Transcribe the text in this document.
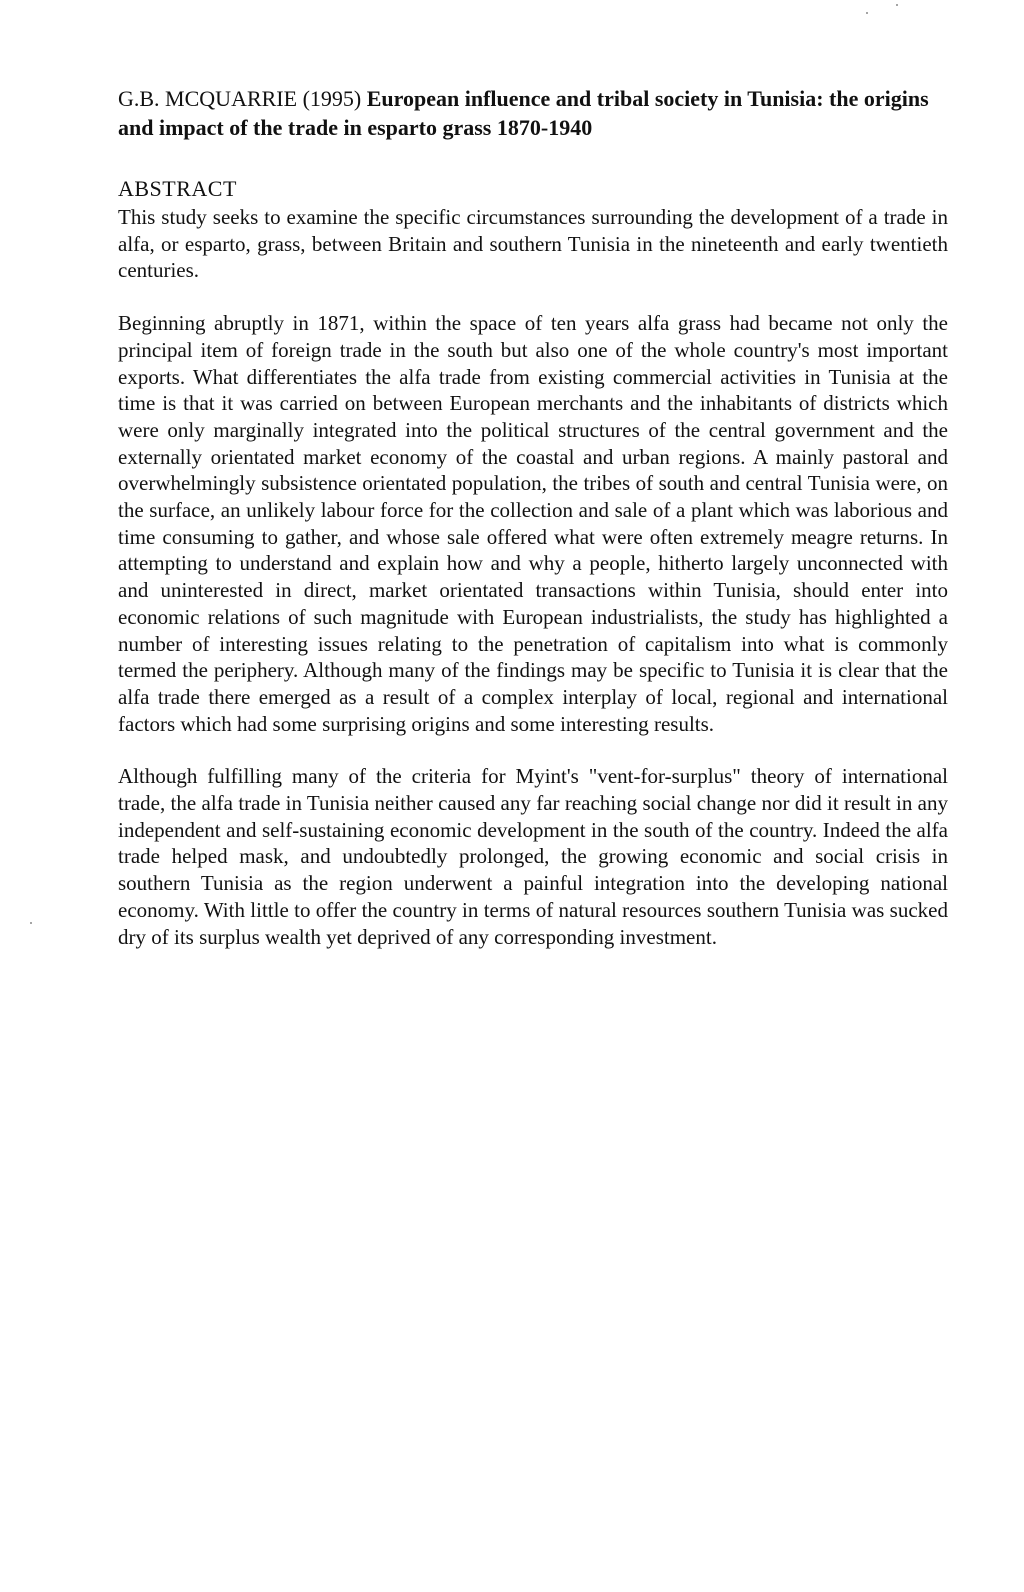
G.B. MCQUARRIE (1995) European influence and tribal society in Tunisia: the origins and impact of the trade in esparto grass 1870-1940
ABSTRACT

This study seeks to examine the specific circumstances surrounding the development of a trade in alfa, or esparto, grass, between Britain and southern Tunisia in the nineteenth and early twentieth centuries.

Beginning abruptly in 1871, within the space of ten years alfa grass had became not only the principal item of foreign trade in the south but also one of the whole country's most important exports. What differentiates the alfa trade from existing commercial activities in Tunisia at the time is that it was carried on between European merchants and the inhabitants of districts which were only marginally integrated into the political structures of the central government and the externally orientated market economy of the coastal and urban regions. A mainly pastoral and overwhelmingly subsistence orientated population, the tribes of south and central Tunisia were, on the surface, an unlikely labour force for the collection and sale of a plant which was laborious and time consuming to gather, and whose sale offered what were often extremely meagre returns. In attempting to understand and explain how and why a people, hitherto largely unconnected with and uninterested in direct, market orientated transactions within Tunisia, should enter into economic relations of such magnitude with European industrialists, the study has highlighted a number of interesting issues relating to the penetration of capitalism into what is commonly termed the periphery. Although many of the findings may be specific to Tunisia it is clear that the alfa trade there emerged as a result of a complex interplay of local, regional and international factors which had some surprising origins and some interesting results.

Although fulfilling many of the criteria for Myint's "vent-for-surplus" theory of international trade, the alfa trade in Tunisia neither caused any far reaching social change nor did it result in any independent and self-sustaining economic development in the south of the country. Indeed the alfa trade helped mask, and undoubtedly prolonged, the growing economic and social crisis in southern Tunisia as the region underwent a painful integration into the developing national economy. With little to offer the country in terms of natural resources southern Tunisia was sucked dry of its surplus wealth yet deprived of any corresponding investment.
